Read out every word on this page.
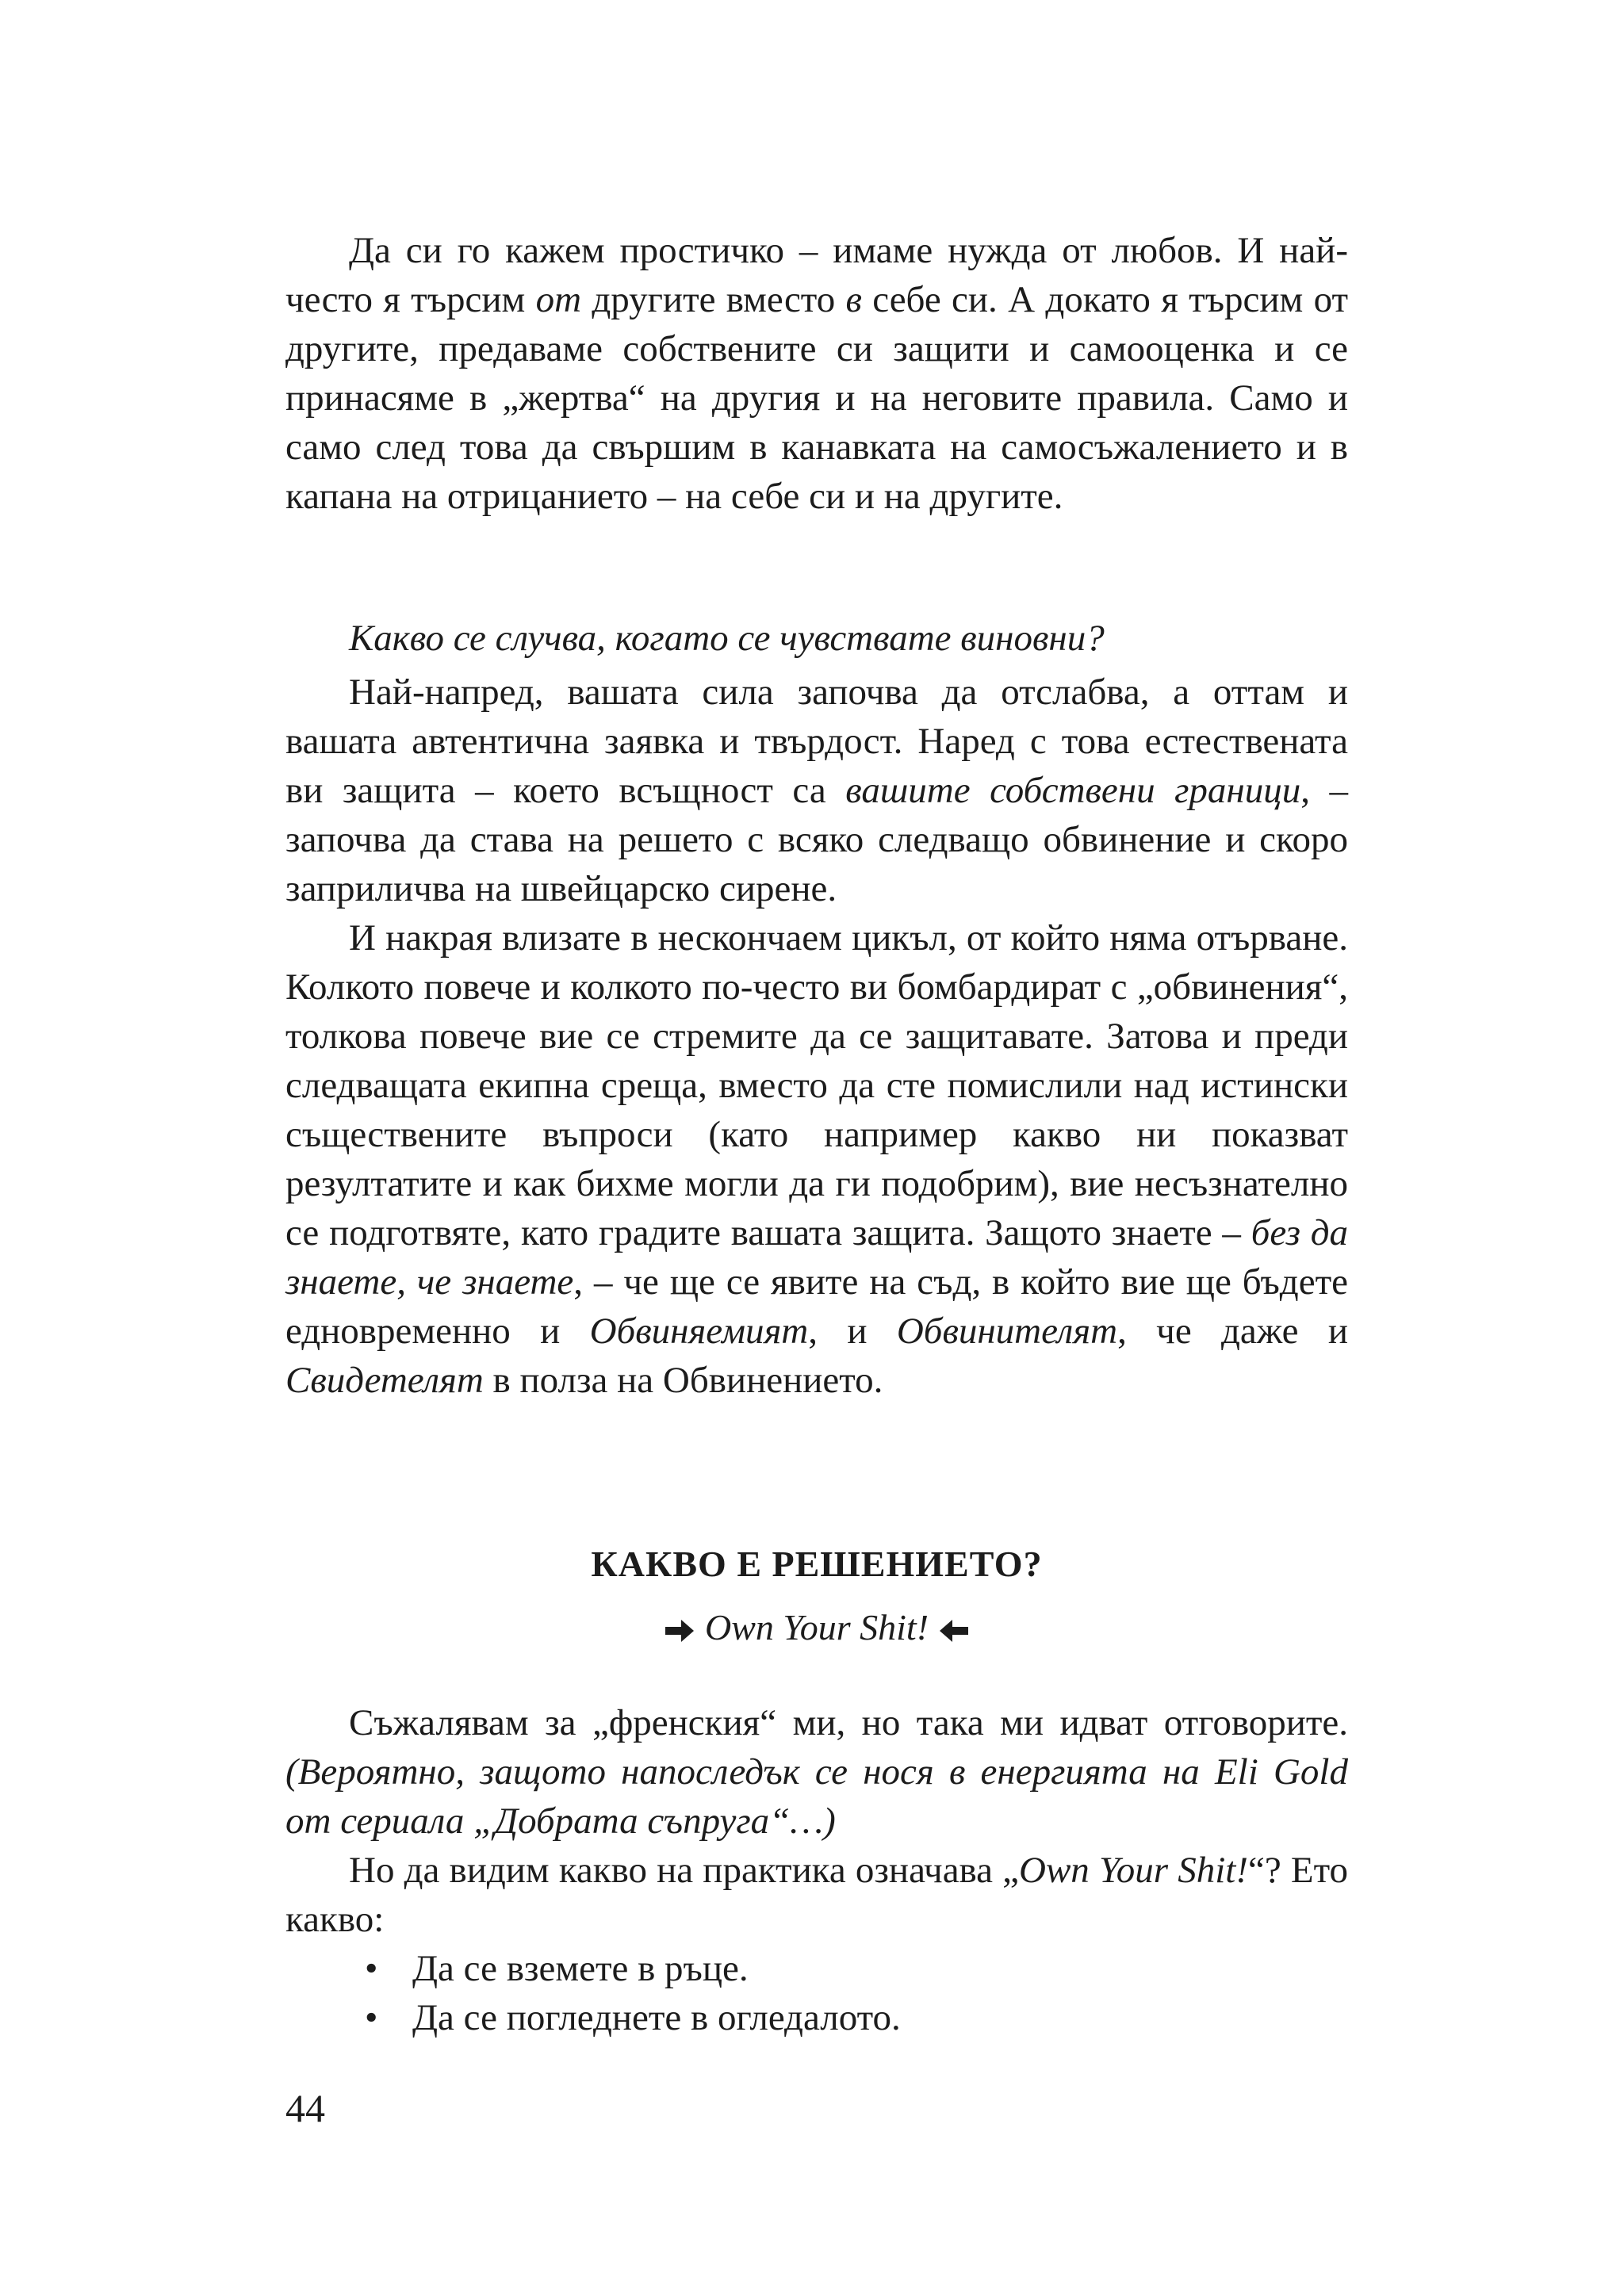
Да си го кажем простичко – имаме нужда от любов. И най-често я търсим от другите вместо в себе си. А докато я търсим от другите, предаваме собствените си защити и самооценка и се принасяме в „жертва“ на другия и на неговите правила. Само и само след това да свършим в канавката на самосъжалението и в капана на отрицанието – на себе си и на другите.

Какво се случва, когато се чувствате виновни?

Най-напред, вашата сила започва да отслабва, а оттам и вашата автентична заявка и твърдост. Наред с това естествената ви защита – което всъщност са вашите собствени граници, – започва да става на решето с всяко следващо обвинение и скоро заприличва на швейцарско сирене.

И накрая влизате в нескончаем цикъл, от който няма отърване. Колкото повече и колкото по-често ви бомбардират с „обвинения“, толкова повече вие се стремите да се защитавате. Затова и преди следващата екипна среща, вместо да сте помислили над истински съществените въпроси (като например какво ни показват резултатите и как бихме могли да ги подобрим), вие несъзнателно се подготвяте, като градите вашата защита. Защото знаете – без да знаете, че знаете, – че ще се явите на съд, в който вие ще бъдете едновременно и Обвиняемият, и Обвинителят, че даже и Свидетелят в полза на Обвинението.

КАКВО Е РЕШЕНИЕТО?

Own Your Shit!

Съжалявам за „френския“ ми, но така ми идват отговорите. (Вероятно, защото напоследък се нося в енергията на Eli Gold от сериала „Добрата съпруга“…)

Но да видим какво на практика означава „Own Your Shit!“? Ето какво:

• Да се вземете в ръце.
• Да се погледнете в огледалото.

44
